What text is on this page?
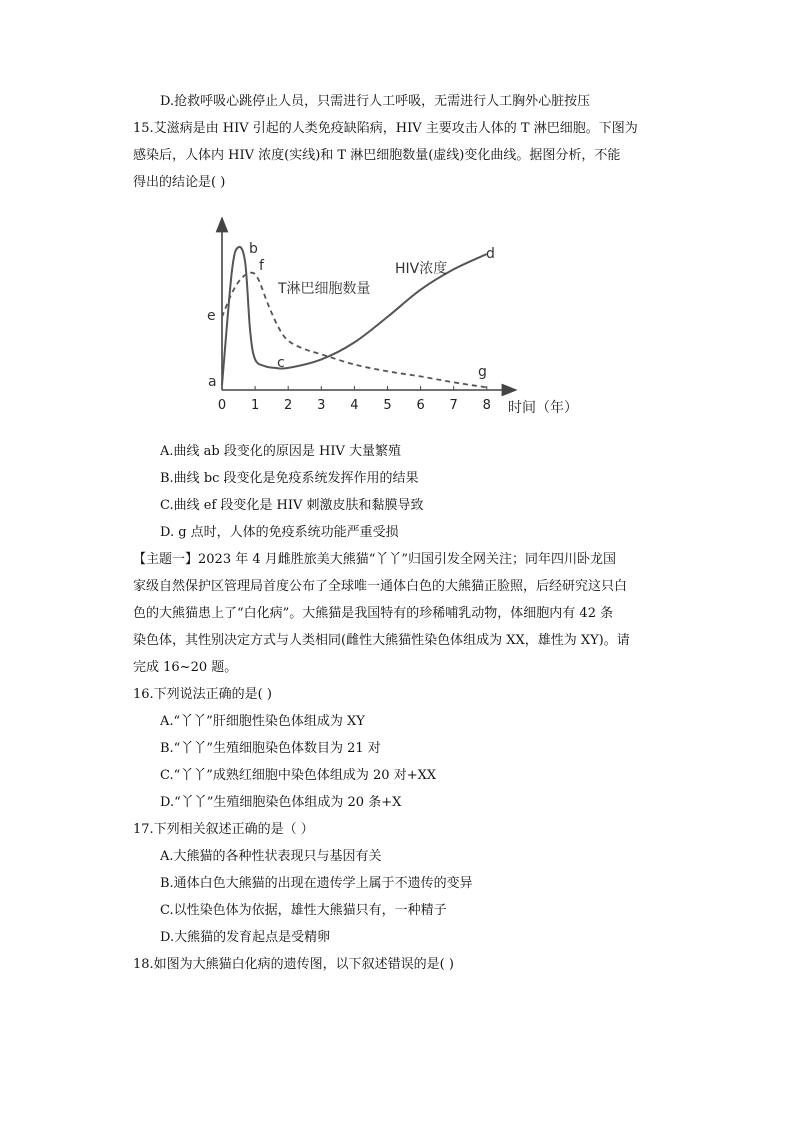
D.抢救呼吸心跳停止人员，只需进行人工呼吸，无需进行人工胸外心脏按压
15.艾滋病是由 HIV 引起的人类免疫缺陷病，HIV 主要攻击人体的 T 淋巴细胞。下图为
感染后，人体内 HIV 浓度(实线)和 T 淋巴细胞数量(虚线)变化曲线。据图分析，不能
得出的结论是( )
0 1 2 3 4 5 6 7 8 时间（年）
HIV浓度
T淋巴细胞数量
a
b
c
d
e
f
g
A.曲线 ab 段变化的原因是 HIV 大量繁殖
B.曲线 bc 段变化是免疫系统发挥作用的结果
C.曲线 ef 段变化是 HIV 刺激皮肤和黏膜导致
D. g 点时，人体的免疫系统功能严重受损
【主题一】2023 年 4 月雌胜旅美大熊猫“丫丫”归国引发全网关注；同年四川卧龙国
家级自然保护区管理局首度公布了全球唯一通体白色的大熊猫正脸照，后经研究这只白
色的大熊猫患上了“白化病”。大熊猫是我国特有的珍稀哺乳动物，体细胞内有 42 条
染色体，其性别决定方式与人类相同(雌性大熊猫性染色体组成为 XX，雄性为 XY)。请
完成 16~20 题。
16.下列说法正确的是( )
A.“丫丫”肝细胞性染色体组成为 XY
B.“丫丫”生殖细胞染色体数目为 21 对
C.“丫丫”成熟红细胞中染色体组成为 20 对+XX
D.“丫丫”生殖细胞染色体组成为 20 条+X
17.下列相关叙述正确的是（ ）
A.大熊猫的各种性状表现只与基因有关
B.通体白色大熊猫的出现在遗传学上属于不遗传的变异
C.以性染色体为依据，雄性大熊猫只有，一种精子
D.大熊猫的发育起点是受精卵
18.如图为大熊猫白化病的遗传图，以下叙述错误的是( )
